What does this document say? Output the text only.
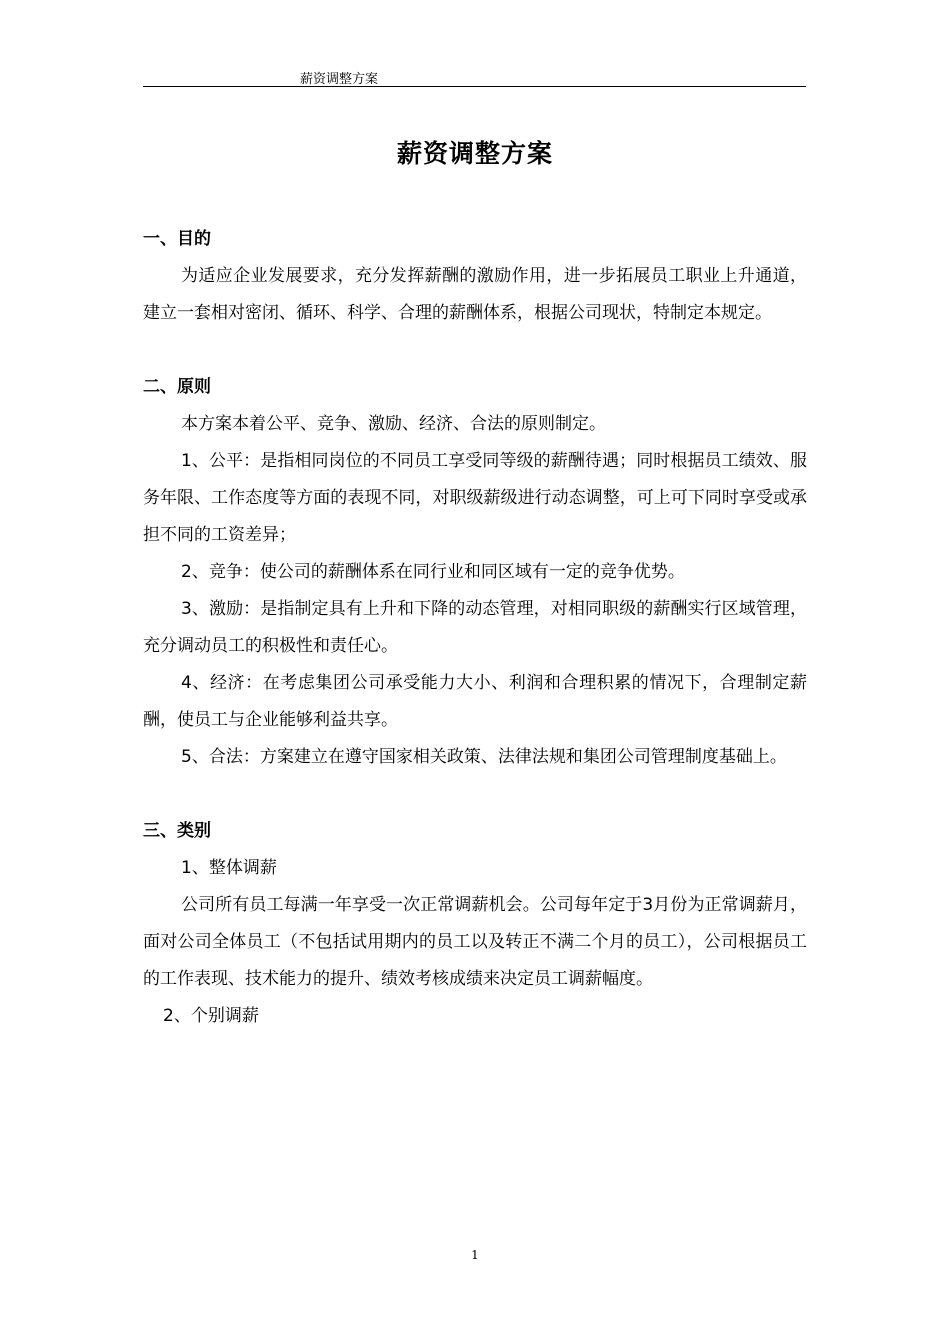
薪资调整方案
薪资调整方案

一、目的

为适应企业发展要求，充分发挥薪酬的激励作用，进一步拓展员工职业上升通道，建立一套相对密闭、循环、科学、合理的薪酬体系，根据公司现状，特制定本规定。

二、原则

本方案本着公平、竞争、激励、经济、合法的原则制定。

1、公平：是指相同岗位的不同员工享受同等级的薪酬待遇；同时根据员工绩效、服务年限、工作态度等方面的表现不同，对职级薪级进行动态调整，可上可下同时享受或承担不同的工资差异；

2、竞争：使公司的薪酬体系在同行业和同区域有一定的竞争优势。

3、激励：是指制定具有上升和下降的动态管理，对相同职级的薪酬实行区域管理，充分调动员工的积极性和责任心。

4、经济：在考虑集团公司承受能力大小、利润和合理积累的情况下，合理制定薪酬，使员工与企业能够利益共享。

5、合法：方案建立在遵守国家相关政策、法律法规和集团公司管理制度基础上。

三、类别

1、整体调薪

公司所有员工每满一年享受一次正常调薪机会。公司每年定于3月份为正常调薪月，面对公司全体员工（不包括试用期内的员工以及转正不满二个月的员工），公司根据员工的工作表现、技术能力的提升、绩效考核成绩来决定员工调薪幅度。

2、个别调薪

1
